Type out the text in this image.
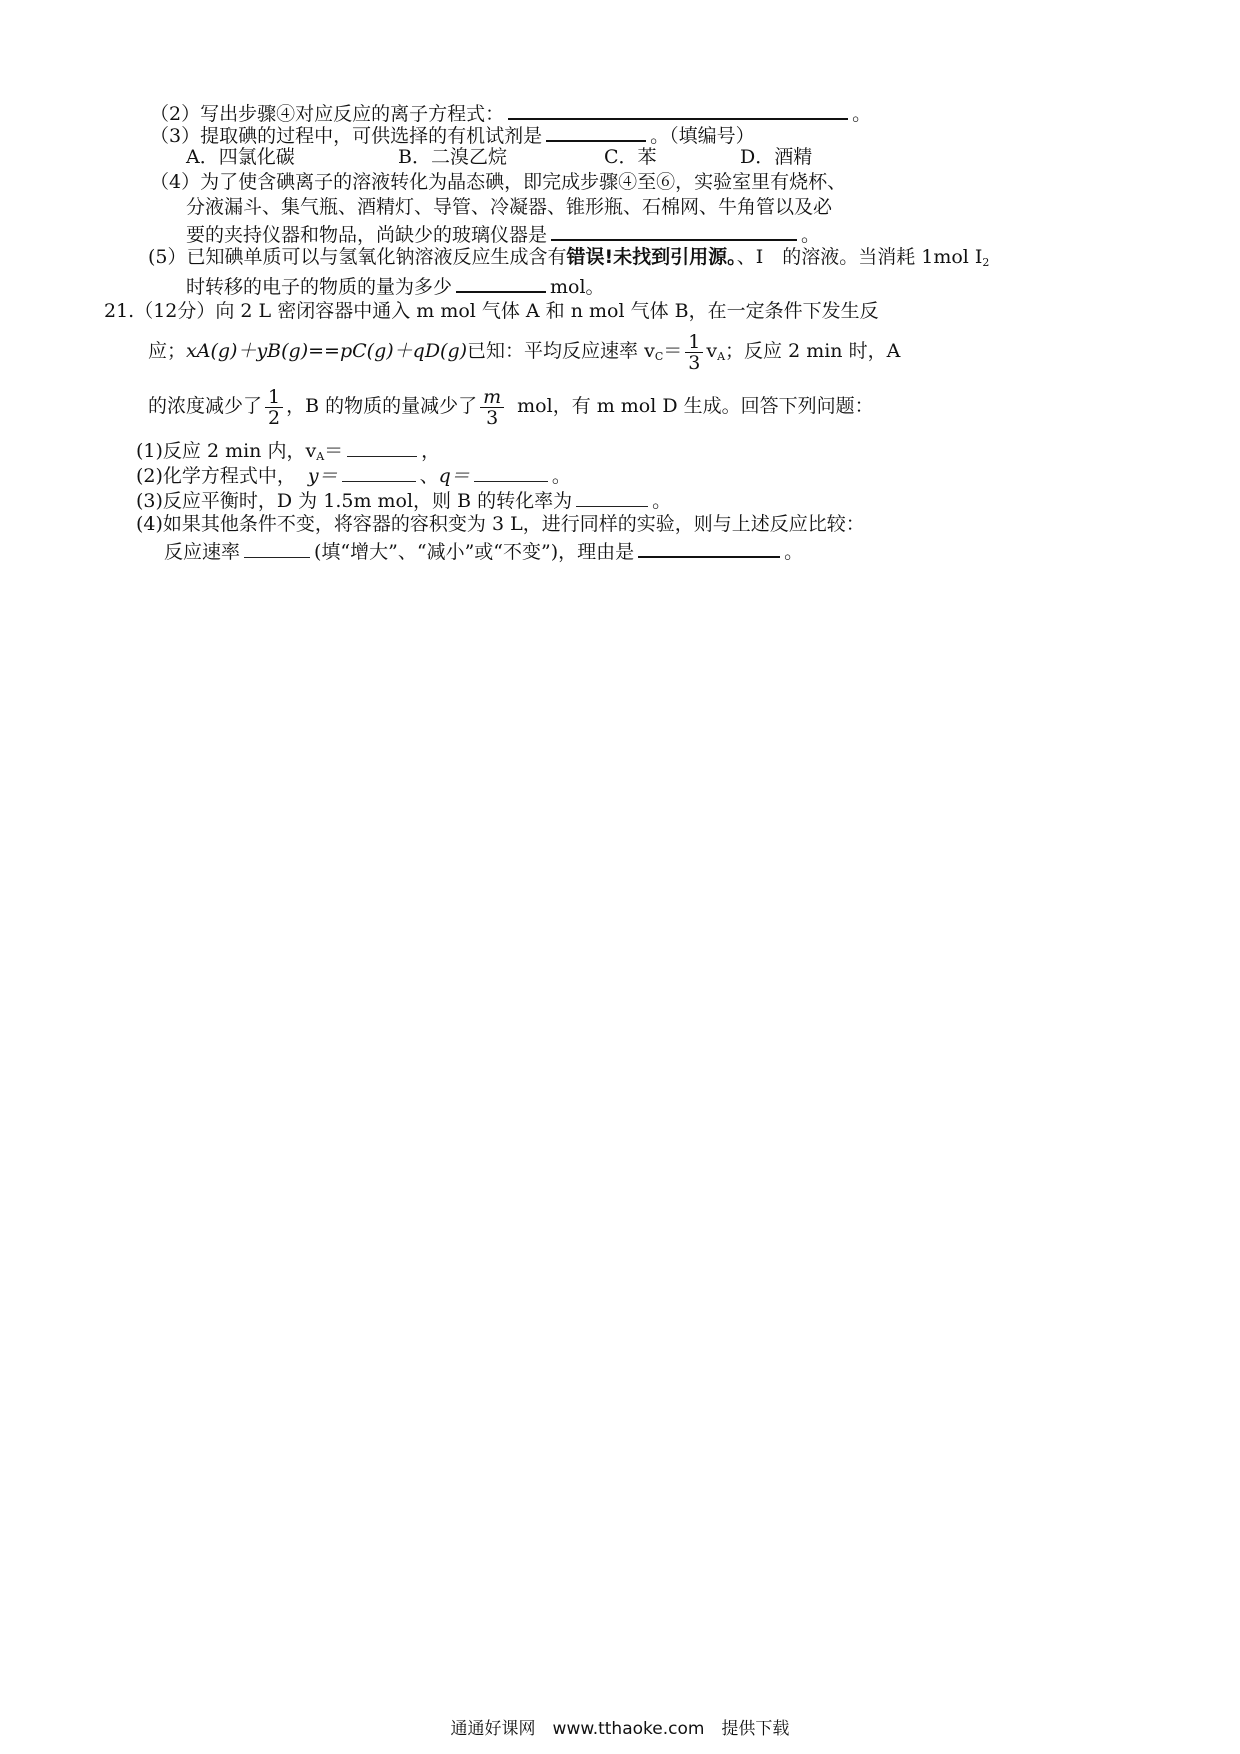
（2）写出步骤④对应反应的离子方程式：	。
（3）提取碘的过程中，可供选择的有机试剂是	。（填编号）
A．四氯化碳	B．二溴乙烷	C．苯	D．酒精
（4）为了使含碘离子的溶液转化为晶态碘，即完成步骤④至⑥，实验室里有烧杯、
分液漏斗、集气瓶、酒精灯、导管、冷凝器、锥形瓶、石棉网、牛角管以及必
要的夹持仪器和物品，尚缺少的玻璃仪器是	。
(5）已知碘单质可以与氢氧化钠溶液反应生成含有错误!未找到引用源。、I　的溶液。当消耗 1mol $I_2$
时转移的电子的物质的量为多少	mol。
21.（12分）向 2 L 密闭容器中通入 m mol 气体 A 和 n mol 气体 B，在一定条件下发生反
应；xA(g)＋yB(g)==pC(g)＋qD(g)已知：平均反应速率 $v_C= \frac{1}{3} v_A$；反应 2 min 时，A
的浓度减少了 $\frac{1}{2}$ ，B 的物质的量减少了 $\frac{m}{3}$ mol，有 m mol D 生成。回答下列问题：
(1)反应 2 min 内，$v_A=$	，
(2)化学方程式中， y＝	、q＝	。
(3)反应平衡时，D 为 1.5m mol，则 B 的转化率为	。
(4)如果其他条件不变，将容器的容积变为 3 L，进行同样的实验，则与上述反应比较：
反应速率	(填“增大”、“减小”或“不变”)，理由是	。
通通好课网　www.tthaoke.com　提供下载
